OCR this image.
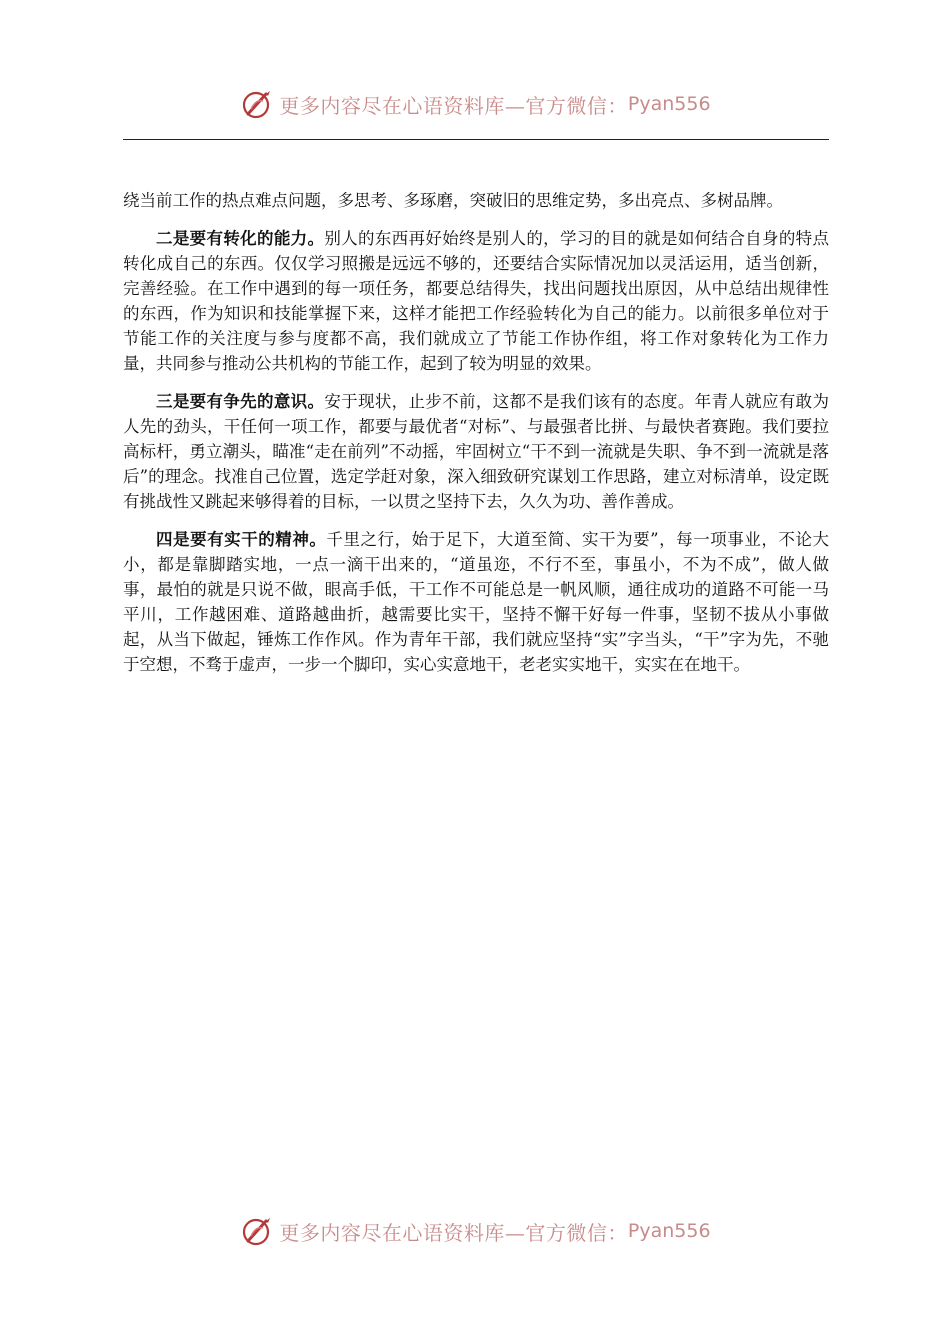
更多内容尽在心语资料库—官方微信： Pyan556

绕当前工作的热点难点问题，多思考、多琢磨，突破旧的思维定势，多出亮点、多树品牌。

二是要有转化的能力。别人的东西再好始终是别人的，学习的目的就是如何结合自身的特点转化成自己的东西。仅仅学习照搬是远远不够的，还要结合实际情况加以灵活运用，适当创新，完善经验。在工作中遇到的每一项任务，都要总结得失，找出问题找出原因，从中总结出规律性的东西，作为知识和技能掌握下来，这样才能把工作经验转化为自己的能力。以前很多单位对于节能工作的关注度与参与度都不高，我们就成立了节能工作协作组，将工作对象转化为工作力量，共同参与推动公共机构的节能工作，起到了较为明显的效果。

三是要有争先的意识。安于现状，止步不前，这都不是我们该有的态度。年青人就应有敢为人先的劲头，干任何一项工作，都要与最优者“对标”、与最强者比拼、与最快者赛跑。我们要拉高标杆，勇立潮头，瞄准“走在前列”不动摇，牢固树立“干不到一流就是失职、争不到一流就是落后”的理念。找准自己位置，选定学赶对象，深入细致研究谋划工作思路，建立对标清单，设定既有挑战性又跳起来够得着的目标，一以贯之坚持下去，久久为功、善作善成。

四是要有实干的精神。千里之行，始于足下，大道至简、实干为要”，每一项事业，不论大小，都是靠脚踏实地，一点一滴干出来的，“道虽迩，不行不至，事虽小，不为不成”，做人做事，最怕的就是只说不做，眼高手低，干工作不可能总是一帆风顺，通往成功的道路不可能一马平川，工作越困难、道路越曲折，越需要比实干，坚持不懈干好每一件事，坚韧不拔从小事做起，从当下做起，锤炼工作作风。作为青年干部，我们就应坚持“实”字当头，“干”字为先，不驰于空想，不骛于虚声，一步一个脚印，实心实意地干，老老实实地干，实实在在地干。

更多内容尽在心语资料库—官方微信： Pyan556
